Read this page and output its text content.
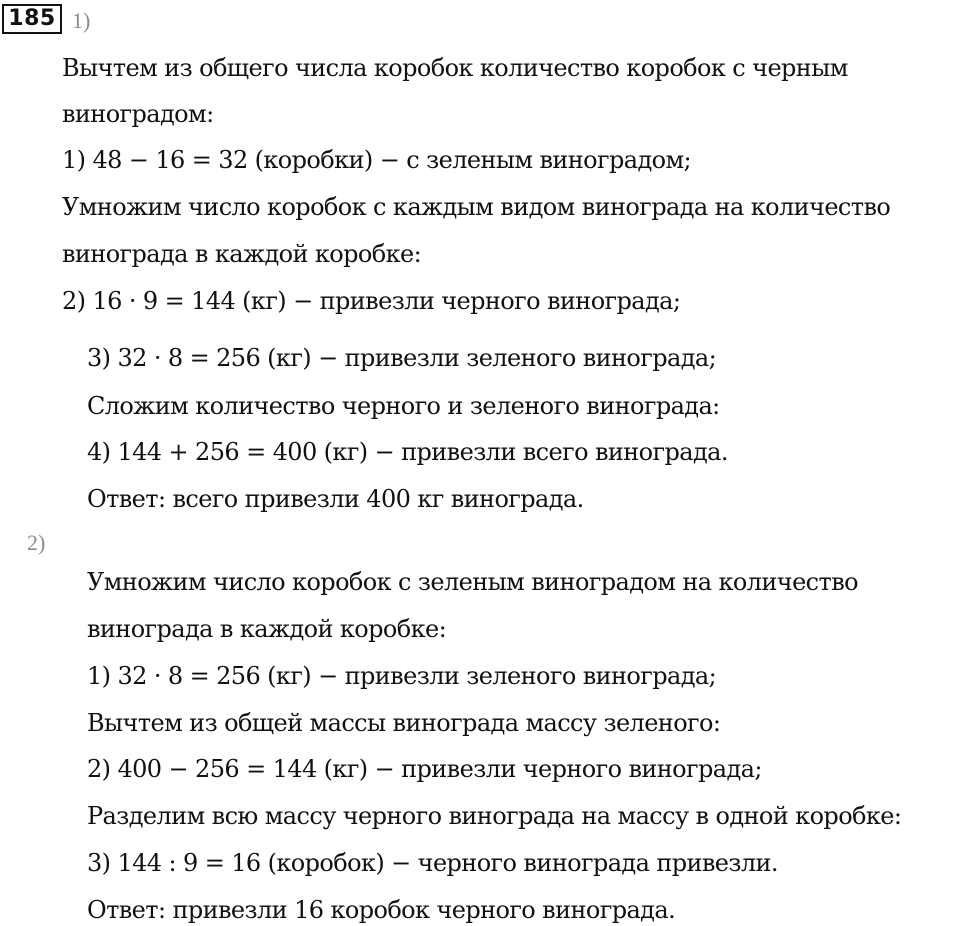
185 1)
Вычтем из общего числа коробок количество коробок с черным
виноградом:
1) 48 − 16 = 32 (коробки) − с зеленым виноградом;
Умножим число коробок с каждым видом винограда на количество
винограда в каждой коробке:
2) 16 · 9 = 144 (кг) − привезли черного винограда;
3) 32 · 8 = 256 (кг) − привезли зеленого винограда;
Сложим количество черного и зеленого винограда:
4) 144 + 256 = 400 (кг) − привезли всего винограда.
Ответ: всего привезли 400 кг винограда.
2)
Умножим число коробок с зеленым виноградом на количество
винограда в каждой коробке:
1) 32 · 8 = 256 (кг) − привезли зеленого винограда;
Вычтем из общей массы винограда массу зеленого:
2) 400 − 256 = 144 (кг) − привезли черного винограда;
Разделим всю массу черного винограда на массу в одной коробке:
3) 144 : 9 = 16 (коробок) − черного винограда привезли.
Ответ: привезли 16 коробок черного винограда.
